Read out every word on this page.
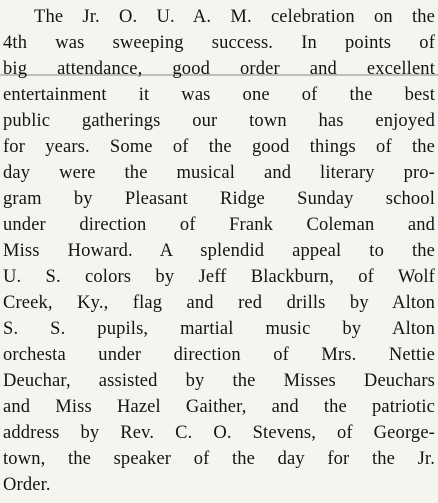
The Jr. O. U. A. M. celebration on the
4th was sweeping success. In points of
big attendance, good order and excellent
entertainment it was one of the best
public gatherings our town has enjoyed
for years. Some of the good things of the
day were the musical and literary pro-
gram by Pleasant Ridge Sunday school
under direction of Frank Coleman and
Miss Howard. A splendid appeal to the
U. S. colors by Jeff Blackburn, of Wolf
Creek, Ky., flag and red drills by Alton
S. S. pupils, martial music by Alton
orchesta under direction of Mrs. Nettie
Deuchar, assisted by the Misses Deuchars
and Miss Hazel Gaither, and the patriotic
address by Rev. C. O. Stevens, of George-
town, the speaker of the day for the Jr.
Order.
